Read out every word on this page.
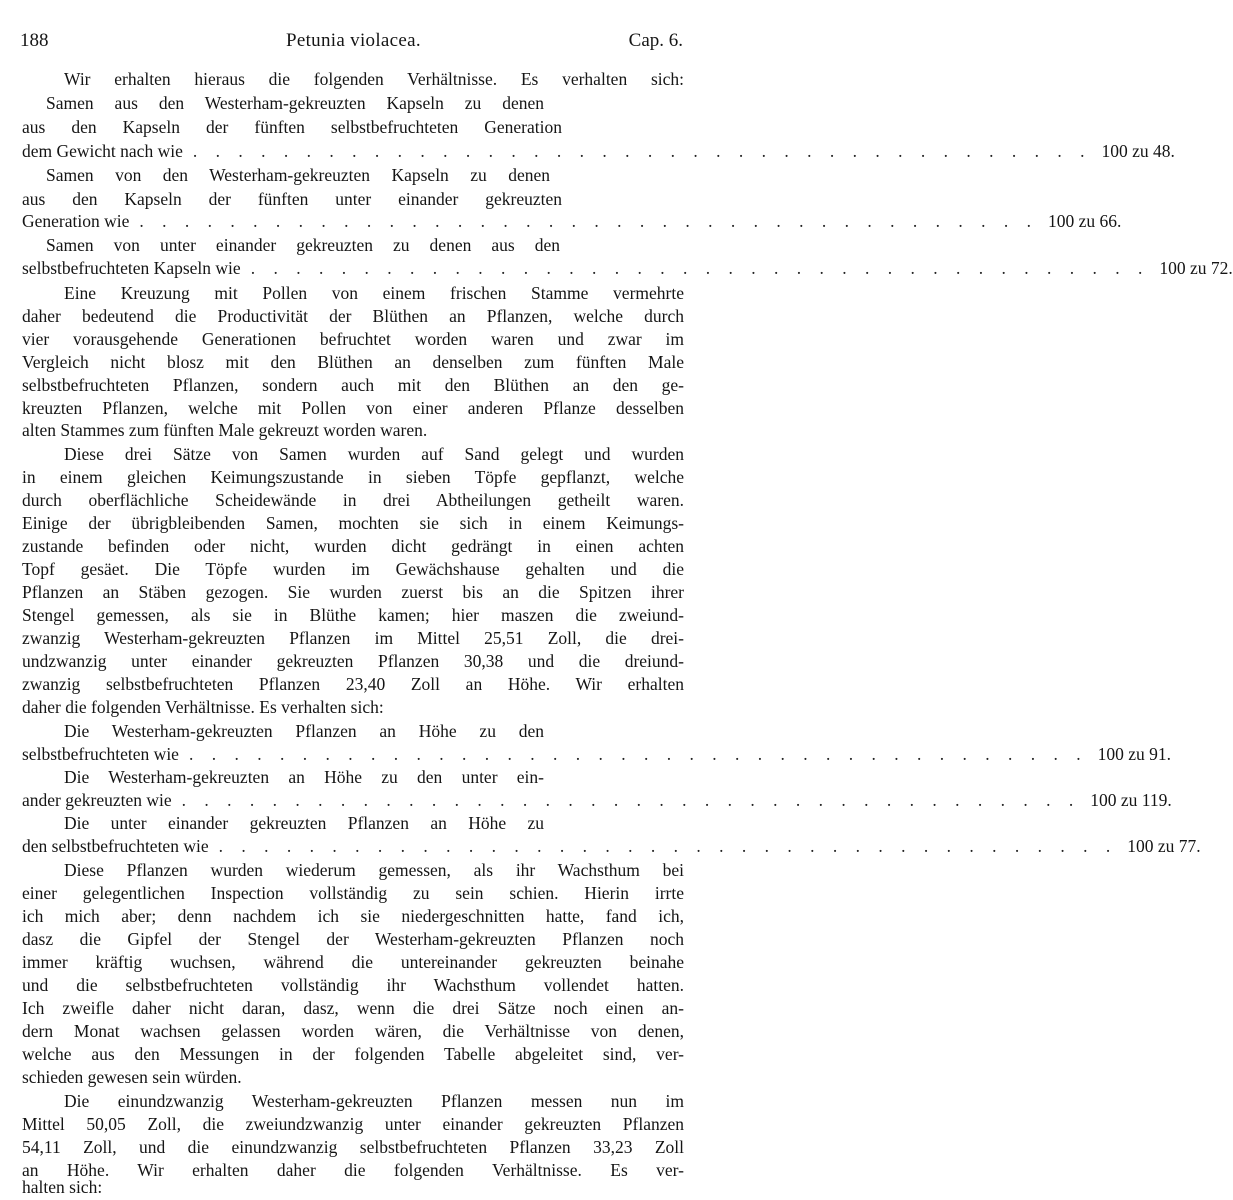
188	Petunia violacea.	Cap. 6.
Wir erhalten hieraus die folgenden Verhältnisse. Es verhalten sich:
Samen aus den Westerham-gekreuzten Kapseln zu denen
aus den Kapseln der fünften selbstbefruchteten Generation
dem Gewicht nach wie . . . . . . . . . . . . . . . . . . . . . . . . . . . . . . . . . . . . . . . . 100 zu 48.
Samen von den Westerham-gekreuzten Kapseln zu denen
aus den Kapseln der fünften unter einander gekreuzten
Generation wie . . . . . . . . . . . . . . . . . . . . . . . . . . . . . . . . . . . . . . . . 100 zu 66.
Samen von unter einander gekreuzten zu denen aus den
selbstbefruchteten Kapseln wie . . . . . . . . . . . . . . . . . . . . . . . . . . . . . . . . . . . . . . . . 100 zu 72.
Eine Kreuzung mit Pollen von einem frischen Stamme vermehrte
daher bedeutend die Productivität der Blüthen an Pflanzen, welche durch
vier vorausgehende Generationen befruchtet worden waren und zwar im
Vergleich nicht blosz mit den Blüthen an denselben zum fünften Male
selbstbefruchteten Pflanzen, sondern auch mit den Blüthen an den ge-
kreuzten Pflanzen, welche mit Pollen von einer anderen Pflanze desselben
alten Stammes zum fünften Male gekreuzt worden waren.
Diese drei Sätze von Samen wurden auf Sand gelegt und wurden
in einem gleichen Keimungszustande in sieben Töpfe gepflanzt, welche
durch oberflächliche Scheidewände in drei Abtheilungen getheilt waren.
Einige der übrigbleibenden Samen, mochten sie sich in einem Keimungs-
zustande befinden oder nicht, wurden dicht gedrängt in einen achten
Topf gesäet. Die Töpfe wurden im Gewächshause gehalten und die
Pflanzen an Stäben gezogen. Sie wurden zuerst bis an die Spitzen ihrer
Stengel gemessen, als sie in Blüthe kamen; hier maszen die zweiund-
zwanzig Westerham-gekreuzten Pflanzen im Mittel 25,51 Zoll, die drei-
undzwanzig unter einander gekreuzten Pflanzen 30,38 und die dreiund-
zwanzig selbstbefruchteten Pflanzen 23,40 Zoll an Höhe. Wir erhalten
daher die folgenden Verhältnisse. Es verhalten sich:
Die Westerham-gekreuzten Pflanzen an Höhe zu den
selbstbefruchteten wie . . . . . . . . . . . . . . . . . . . . . . . . . . . . . . . . . . . . . . . . 100 zu 91.
Die Westerham-gekreuzten an Höhe zu den unter ein-
ander gekreuzten wie . . . . . . . . . . . . . . . . . . . . . . . . . . . . . . . . . . . . . . . . 100 zu 119.
Die unter einander gekreuzten Pflanzen an Höhe zu
den selbstbefruchteten wie . . . . . . . . . . . . . . . . . . . . . . . . . . . . . . . . . . . . . . . . 100 zu 77.
Diese Pflanzen wurden wiederum gemessen, als ihr Wachsthum bei
einer gelegentlichen Inspection vollständig zu sein schien. Hierin irrte
ich mich aber; denn nachdem ich sie niedergeschnitten hatte, fand ich,
dasz die Gipfel der Stengel der Westerham-gekreuzten Pflanzen noch
immer kräftig wuchsen, während die untereinander gekreuzten beinahe
und die selbstbefruchteten vollständig ihr Wachsthum vollendet hatten.
Ich zweifle daher nicht daran, dasz, wenn die drei Sätze noch einen an-
dern Monat wachsen gelassen worden wären, die Verhältnisse von denen,
welche aus den Messungen in der folgenden Tabelle abgeleitet sind, ver-
schieden gewesen sein würden.
Die einundzwanzig Westerham-gekreuzten Pflanzen messen nun im
Mittel 50,05 Zoll, die zweiundzwanzig unter einander gekreuzten Pflanzen
54,11 Zoll, und die einundzwanzig selbstbefruchteten Pflanzen 33,23 Zoll
an Höhe. Wir erhalten daher die folgenden Verhältnisse. Es ver-
halten sich:
